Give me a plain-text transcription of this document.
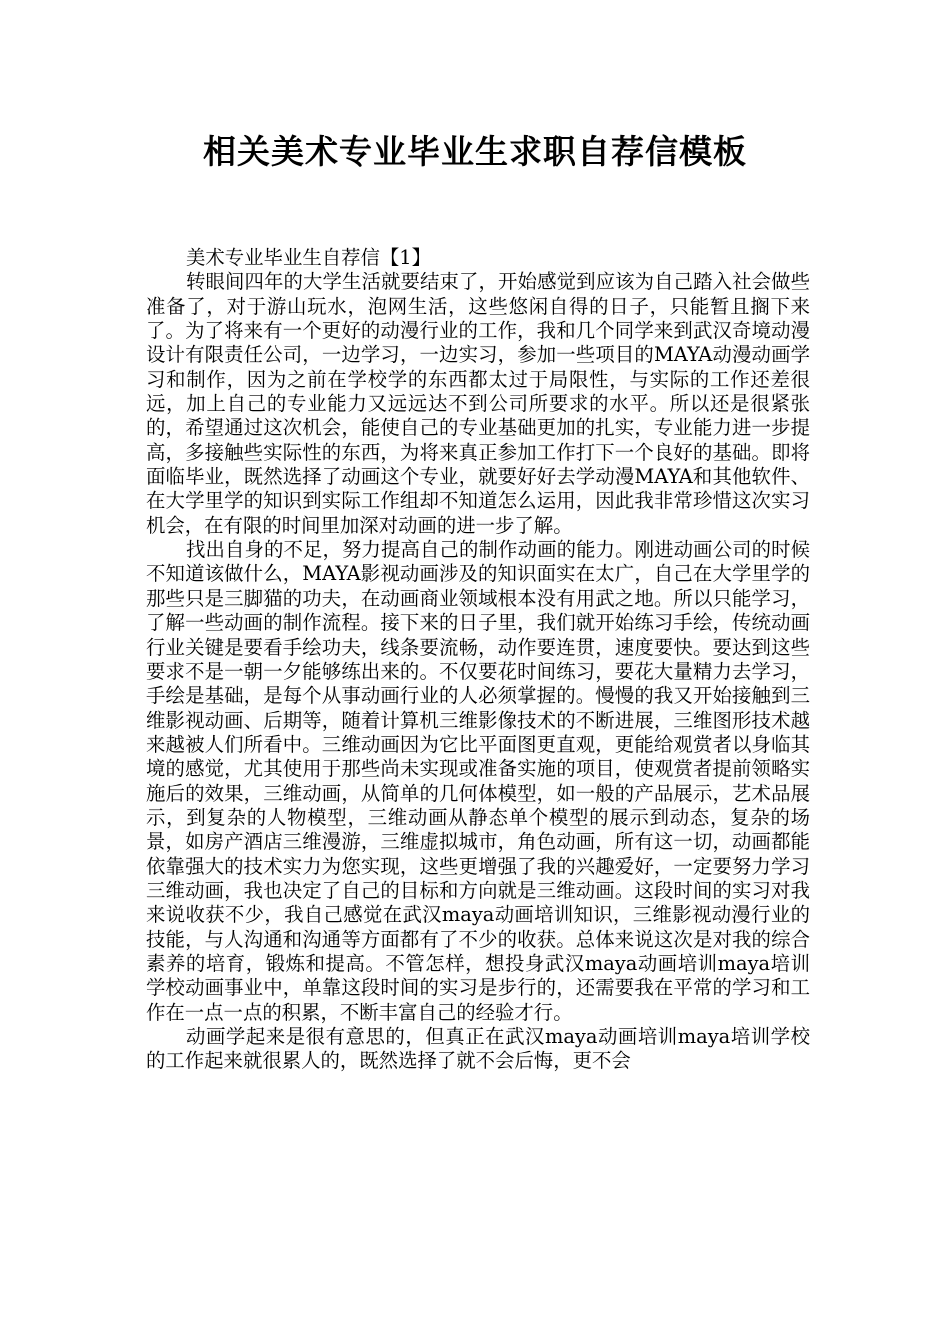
相关美术专业毕业生求职自荐信模板

美术专业毕业生自荐信【1】

转眼间四年的大学生活就要结束了，开始感觉到应该为自己踏入社会做些准备了，对于游山玩水，泡网生活，这些悠闲自得的日子，只能暂且搁下来了。为了将来有一个更好的动漫行业的工作，我和几个同学来到武汉奇境动漫设计有限责任公司，一边学习，一边实习，参加一些项目的MAYA动漫动画学习和制作，因为之前在学校学的东西都太过于局限性，与实际的工作还差很远，加上自己的专业能力又远远达不到公司所要求的水平。所以还是很紧张的，希望通过这次机会，能使自己的专业基础更加的扎实，专业能力进一步提高，多接触些实际性的东西，为将来真正参加工作打下一个良好的基础。即将面临毕业，既然选择了动画这个专业，就要好好去学动漫MAYA和其他软件、在大学里学的知识到实际工作组却不知道怎么运用，因此我非常珍惜这次实习机会，在有限的时间里加深对动画的进一步了解。

找出自身的不足，努力提高自己的制作动画的能力。刚进动画公司的时候不知道该做什么，MAYA影视动画涉及的知识面实在太广，自己在大学里学的那些只是三脚猫的功夫，在动画商业领域根本没有用武之地。所以只能学习，了解一些动画的制作流程。接下来的日子里，我们就开始练习手绘，传统动画行业关键是要看手绘功夫，线条要流畅，动作要连贯，速度要快。要达到这些要求不是一朝一夕能够练出来的。不仅要花时间练习，要花大量精力去学习，手绘是基础，是每个从事动画行业的人必须掌握的。慢慢的我又开始接触到三维影视动画、后期等，随着计算机三维影像技术的不断进展，三维图形技术越来越被人们所看中。三维动画因为它比平面图更直观，更能给观赏者以身临其境的感觉，尤其使用于那些尚未实现或准备实施的项目，使观赏者提前领略实施后的效果，三维动画，从简单的几何体模型，如一般的产品展示，艺术品展示，到复杂的人物模型，三维动画从静态单个模型的展示到动态，复杂的场景，如房产酒店三维漫游，三维虚拟城市，角色动画，所有这一切，动画都能依靠强大的技术实力为您实现，这些更增强了我的兴趣爱好，一定要努力学习三维动画，我也决定了自己的目标和方向就是三维动画。这段时间的实习对我来说收获不少，我自己感觉在武汉maya动画培训知识，三维影视动漫行业的技能，与人沟通和沟通等方面都有了不少的收获。总体来说这次是对我的综合素养的培育，锻炼和提高。不管怎样，想投身武汉maya动画培训maya培训学校动画事业中，单靠这段时间的实习是步行的，还需要我在平常的学习和工作在一点一点的积累，不断丰富自己的经验才行。

动画学起来是很有意思的，但真正在武汉maya动画培训maya培训学校的工作起来就很累人的，既然选择了就不会后悔，更不会
